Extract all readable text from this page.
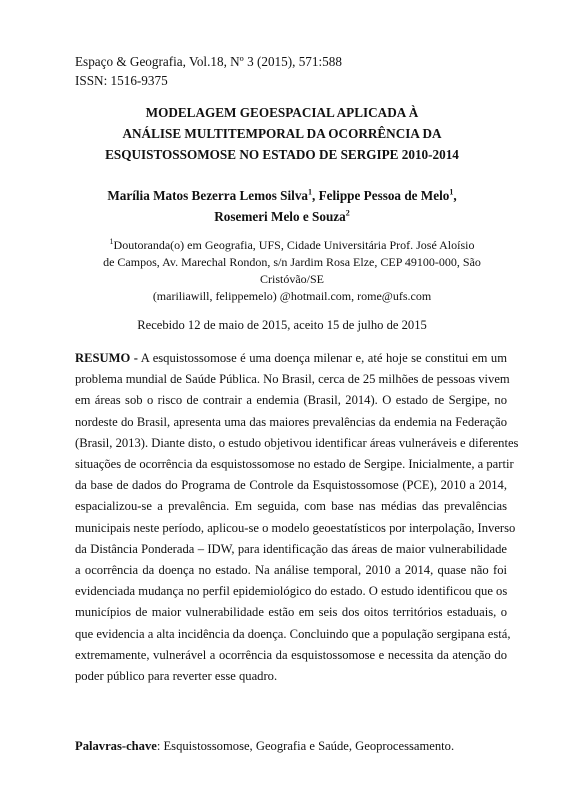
Espaço & Geografia, Vol.18, Nº 3 (2015), 571:588
ISSN: 1516-9375
MODELAGEM GEOESPACIAL APLICADA À
ANÁLISE MULTITEMPORAL DA OCORRÊNCIA DA
ESQUISTOSSOMOSE NO ESTADO DE SERGIPE 2010-2014
Marília Matos Bezerra Lemos Silva$^1$, Felippe Pessoa de Melo$^1$,
Rosemeri Melo e Souza$^2$
$^1$Doutoranda(o) em Geografia, UFS, Cidade Universitária Prof. José Aloísio
de Campos, Av. Marechal Rondon, s/n Jardim Rosa Elze, CEP 49100-000, São
Cristóvão/SE
(mariliawill, felippemelo) @hotmail.com, rome@ufs.com
Recebido 12 de maio de 2015, aceito 15 de julho de 2015
RESUMO - A esquistossomose é uma doença milenar e, até hoje se constitui em um
problema mundial de Saúde Pública. No Brasil, cerca de 25 milhões de pessoas vivem
em áreas sob o risco de contrair a endemia (Brasil, 2014). O estado de Sergipe, no
nordeste do Brasil, apresenta uma das maiores prevalências da endemia na Federação
(Brasil, 2013). Diante disto, o estudo objetivou identificar áreas vulneráveis e diferentes
situações de ocorrência da esquistossomose no estado de Sergipe. Inicialmente, a partir
da base de dados do Programa de Controle da Esquistossomose (PCE), 2010 a 2014,
espacializou-se a prevalência. Em seguida, com base nas médias das prevalências
municipais neste período, aplicou-se o modelo geoestatísticos por interpolação, Inverso
da Distância Ponderada – IDW, para identificação das áreas de maior vulnerabilidade
a ocorrência da doença no estado. Na análise temporal, 2010 a 2014, quase não foi
evidenciada mudança no perfil epidemiológico do estado. O estudo identificou que os
municípios de maior vulnerabilidade estão em seis dos oitos territórios estaduais, o
que evidencia a alta incidência da doença. Concluindo que a população sergipana está,
extremamente, vulnerável a ocorrência da esquistossomose e necessita da atenção do
poder público para reverter esse quadro.
Palavras-chave: Esquistossomose, Geografia e Saúde, Geoprocessamento.
